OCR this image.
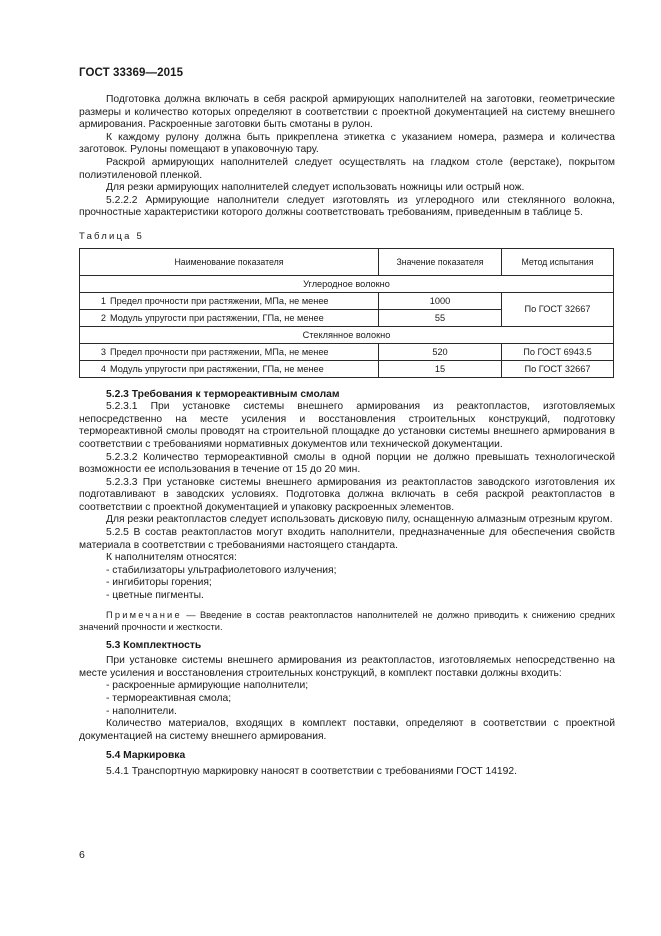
ГОСТ 33369—2015

Подготовка должна включать в себя раскрой армирующих наполнителей на заготовки, геометрические размеры и количество которых определяют в соответствии с проектной документацией на систему внешнего армирования. Раскроенные заготовки быть смотаны в рулон.

К каждому рулону должна быть прикреплена этикетка с указанием номера, размера и количества заготовок. Рулоны помещают в упаковочную тару.

Раскрой армирующих наполнителей следует осуществлять на гладком столе (верстаке), покрытом полиэтиленовой пленкой.

Для резки армирующих наполнителей следует использовать ножницы или острый нож.

5.2.2.2 Армирующие наполнители следует изготовлять из углеродного или стеклянного волокна, прочностные характеристики которого должны соответствовать требованиям, приведенным в таблице 5.

Таблица 5
Наименование показателя	Значение показателя	Метод испытания
Углеродное волокно		
1 Предел прочности при растяжении, МПа, не менее	1000	По ГОСТ 32667
2 Модуль упругости при растяжении, ГПа, не менее	55	
Стеклянное волокно		
3 Предел прочности при растяжении, МПа, не менее	520	По ГОСТ 6943.5
4 Модуль упругости при растяжении, ГПа, не менее	15	По ГОСТ 32667

5.2.3 Требования к термореактивным смолам

5.2.3.1 При установке системы внешнего армирования из реактопластов, изготовляемых непосредственно на месте усиления и восстановления строительных конструкций, подготовку термореактивной смолы проводят на строительной площадке до установки системы внешнего армирования в соответствии с требованиями нормативных документов или технической документации.

5.2.3.2 Количество термореактивной смолы в одной порции не должно превышать технологической возможности ее использования в течение от 15 до 20 мин.

5.2.3.3 При установке системы внешнего армирования из реактопластов заводского изготовления их подготавливают в заводских условиях. Подготовка должна включать в себя раскрой реактопластов в соответствии с проектной документацией и упаковку раскроенных элементов.

Для резки реактопластов следует использовать дисковую пилу, оснащенную алмазным отрезным кругом.

5.2.5 В состав реактопластов могут входить наполнители, предназначенные для обеспечения свойств материала в соответствии с требованиями настоящего стандарта.

К наполнителям относятся:

- стабилизаторы ультрафиолетового излучения;

- ингибиторы горения;

- цветные пигменты.

Примечание — Введение в состав реактопластов наполнителей не должно приводить к снижению средних значений прочности и жесткости.

5.3 Комплектность

При установке системы внешнего армирования из реактопластов, изготовляемых непосредственно на месте усиления и восстановления строительных конструкций, в комплект поставки должны входить:

- раскроенные армирующие наполнители;

- термореактивная смола;

- наполнители.

Количество материалов, входящих в комплект поставки, определяют в соответствии с проектной документацией на систему внешнего армирования.

5.4 Маркировка

5.4.1 Транспортную маркировку наносят в соответствии с требованиями ГОСТ 14192.

6
